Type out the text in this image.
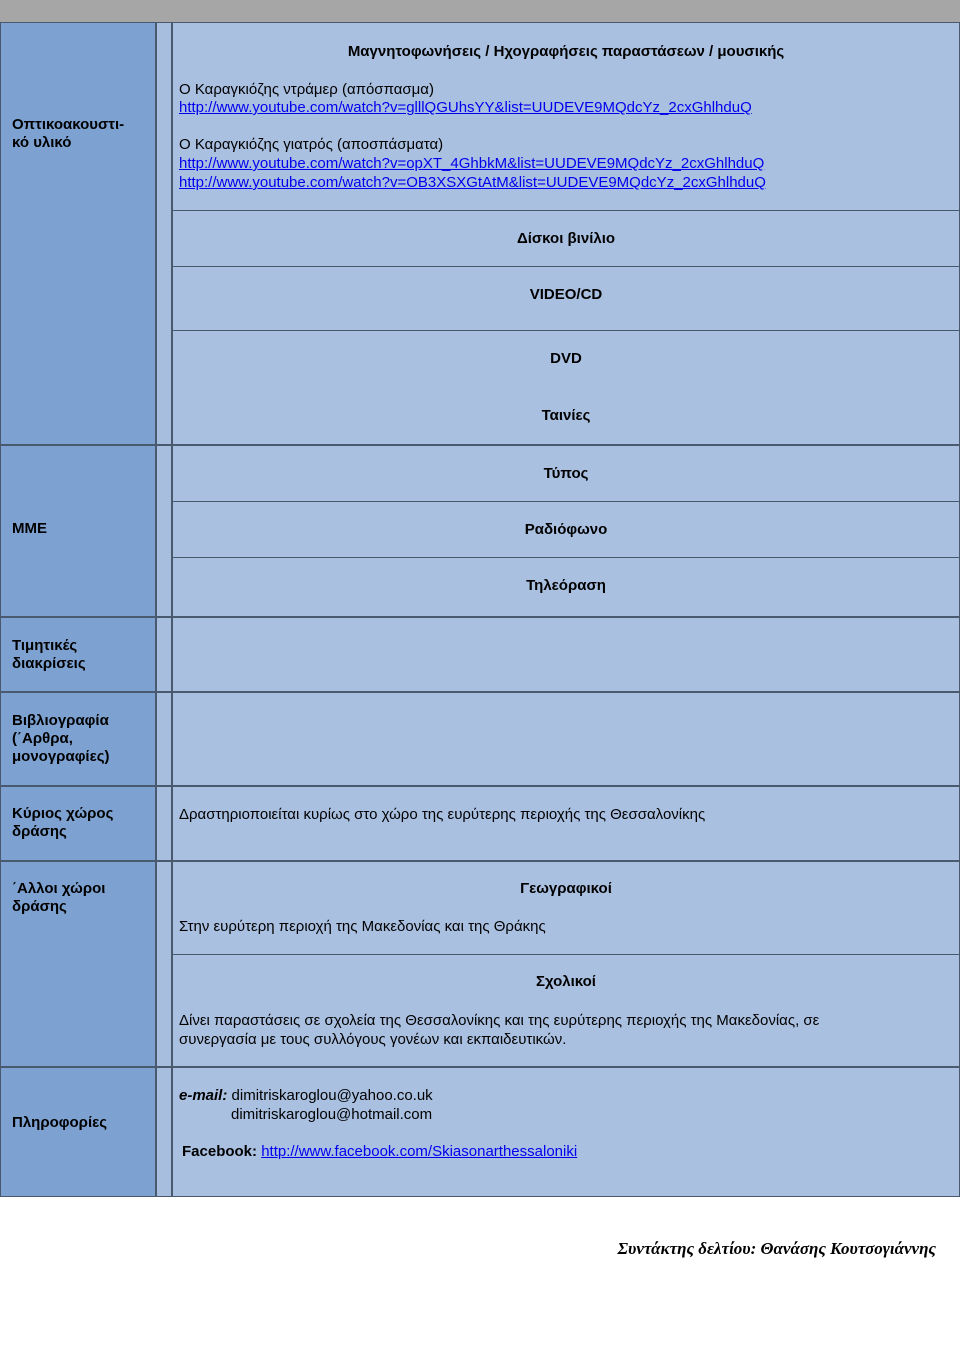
Οπτικοακουστι-κό υλικό
ΜΜΕ
Τιμητικές διακρίσεις
Βιβλιογραφία (΄Αρθρα, μονογραφίες)
Κύριος χώρος δράσης
΄Αλλοι χώροι δράσης
Πληροφορίες
Μαγνητοφωνήσεις / Ηχογραφήσεις παραστάσεων / μουσικής
Ο Καραγκιόζης ντράμερ (απόσπασμα)
http://www.youtube.com/watch?v=glllQGUhsYY&list=UUDEVE9MQdcYz_2cxGhlhduQ
Ο Καραγκιόζης γιατρός (αποσπάσματα)
http://www.youtube.com/watch?v=opXT_4GhbkM&list=UUDEVE9MQdcYz_2cxGhlhduQ
http://www.youtube.com/watch?v=OB3XSXGtAtM&list=UUDEVE9MQdcYz_2cxGhlhduQ
Δίσκοι βινίλιο
VIDEO/CD
DVD
Ταινίες
Τύπος
Ραδιόφωνο
Τηλεόραση
Δραστηριοποιείται κυρίως στο χώρο της ευρύτερης περιοχής της Θεσσαλονίκης
Γεωγραφικοί
Στην ευρύτερη περιοχή της Μακεδονίας και της Θράκης
Σχολικοί
Δίνει παραστάσεις σε σχολεία της Θεσσαλονίκης και της ευρύτερης περιοχής της Μακεδονίας, σε
συνεργασία με τους συλλόγους γονέων και εκπαιδευτικών.
e-mail: dimitriskaroglou@yahoo.co.uk
dimitriskaroglou@hotmail.com
Facebook: http://www.facebook.com/Skiasonarthessaloniki
Συντάκτης δελτίου: Θανάσης Κουτσογιάννης
